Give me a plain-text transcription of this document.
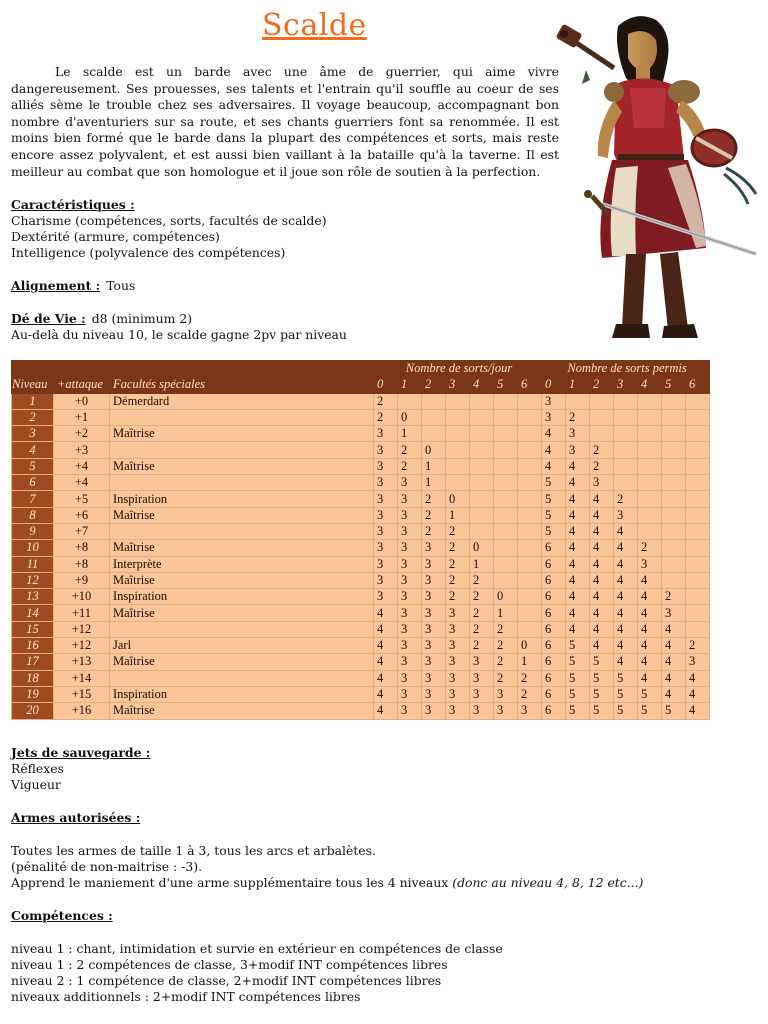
Scalde

Le scalde est un barde avec une âme de guerrier, qui aime vivre dangereusement. Ses prouesses, ses talents et l'entrain qu'il souffle au coeur de ses alliés sème le trouble chez ses adversaires. Il voyage beaucoup, accompagnant bon nombre d'aventuriers sur sa route, et ses chants guerriers font sa renommée. Il est moins bien formé que le barde dans la plupart des compétences et sorts, mais reste encore assez polyvalent, et est aussi bien vaillant à la bataille qu'à la taverne. Il est meilleur au combat que son homologue et il joue son rôle de soutien à la perfection.

Caractéristiques :

Charisme (compétences, sorts, facultés de scalde)

Dextérité (armure, compétences)

Intelligence (polyvalence des compétences)

Alignement : Tous

Dé de Vie : d8 (minimum 2)

Au-delà du niveau 10, le scalde gagne 2pv par niveau

			Nombre de sorts/jour							Nombre de sorts permis						
Niveau	+attaque	Facultés spéciales	0	1	2	3	4	5	6	0	1	2	3	4	5	6
1	+0	Démerdard	2							3						
2	+1		2	0						3	2					
3	+2	Maîtrise	3	1						4	3					
4	+3		3	2	0					4	3	2				
5	+4	Maîtrise	3	2	1					4	4	2				
6	+4		3	3	1					5	4	3				
7	+5	Inspiration	3	3	2	0				5	4	4	2			
8	+6	Maîtrise	3	3	2	1				5	4	4	3			
9	+7		3	3	2	2				5	4	4	4			
10	+8	Maîtrise	3	3	3	2	0			6	4	4	4	2		
11	+8	Interprète	3	3	3	2	1			6	4	4	4	3		
12	+9	Maîtrise	3	3	3	2	2			6	4	4	4	4		
13	+10	Inspiration	3	3	3	2	2	0		6	4	4	4	4	2	
14	+11	Maîtrise	4	3	3	3	2	1		6	4	4	4	4	3	
15	+12		4	3	3	3	2	2		6	4	4	4	4	4	
16	+12	Jarl	4	3	3	3	2	2	0	6	5	4	4	4	4	2
17	+13	Maîtrise	4	3	3	3	3	2	1	6	5	5	4	4	4	3
18	+14		4	3	3	3	3	2	2	6	5	5	5	4	4	4
19	+15	Inspiration	4	3	3	3	3	3	2	6	5	5	5	5	4	4
20	+16	Maîtrise	4	3	3	3	3	3	3	6	5	5	5	5	5	4

Jets de sauvegarde :

Réflexes

Vigueur

Armes autorisées :

Toutes les armes de taille 1 à 3, tous les arcs et arbalètes.

(pénalité de non-maitrise : -3).

Apprend le maniement d'une arme supplémentaire tous les 4 niveaux (donc au niveau 4, 8, 12 etc...)

Compétences :

niveau 1 : chant, intimidation et survie en extérieur en compétences de classe

niveau 1 : 2 compétences de classe, 3+modif INT compétences libres

niveau 2 : 1 compétence de classe, 2+modif INT compétences libres

niveaux additionnels : 2+modif INT compétences libres
